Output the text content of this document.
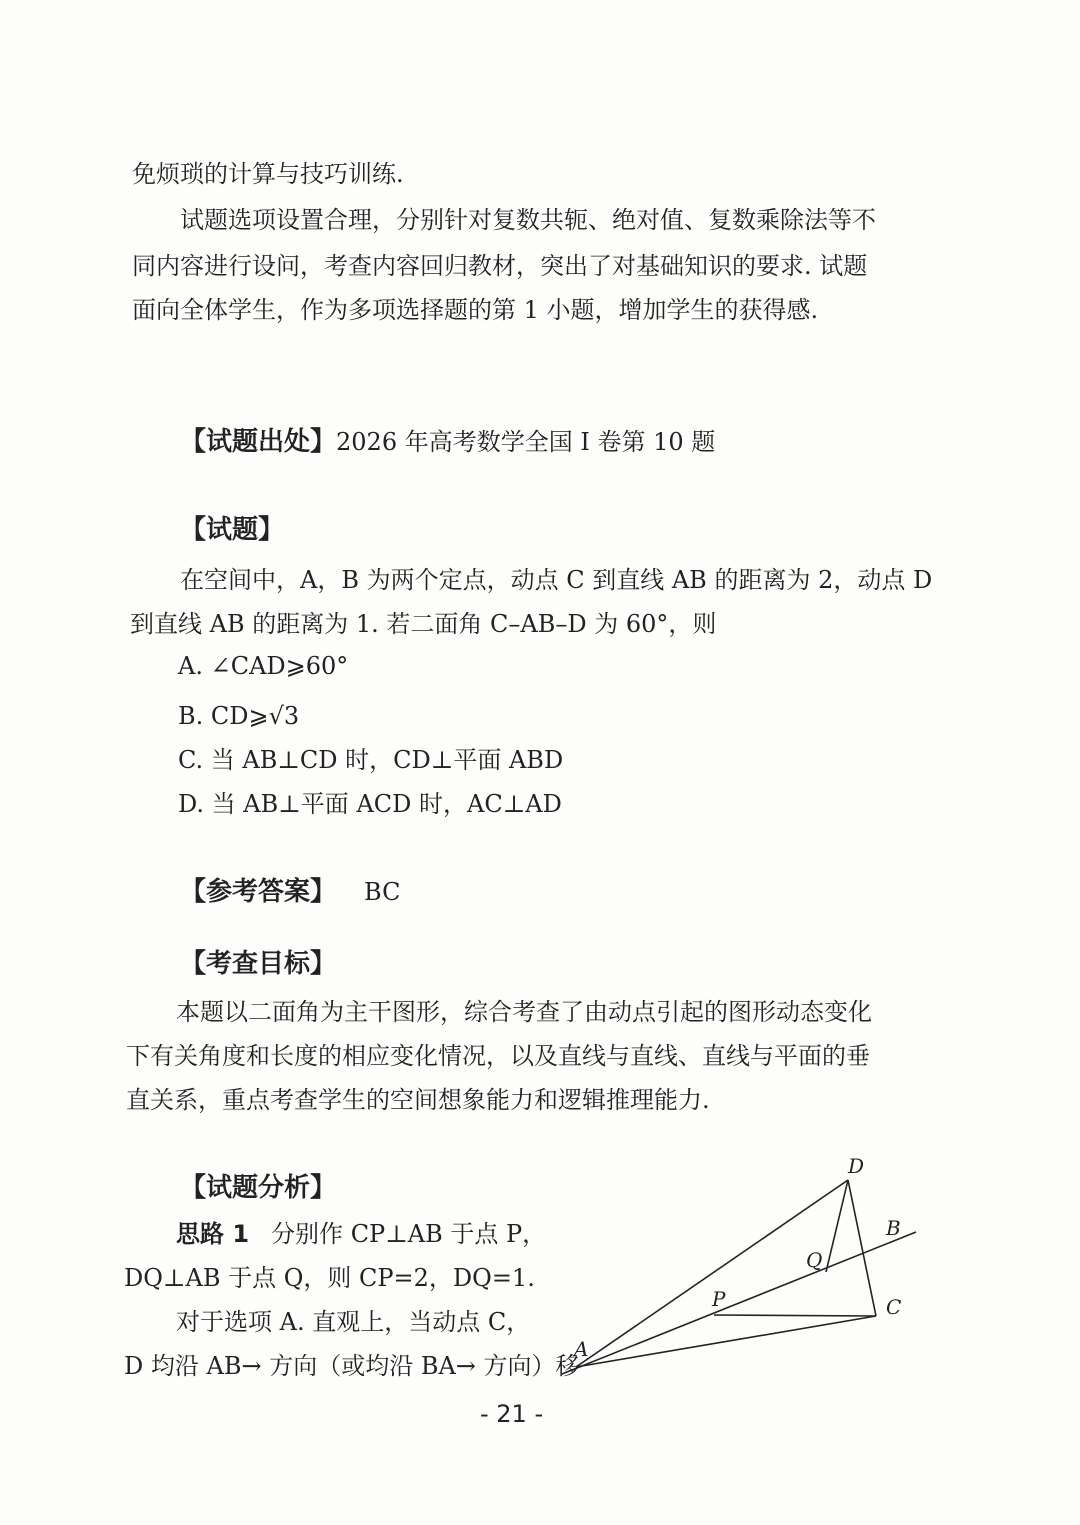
免烦琐的计算与技巧训练.
试题选项设置合理，分别针对复数共轭、绝对值、复数乘除法等不
同内容进行设问，考查内容回归教材，突出了对基础知识的要求. 试题
面向全体学生，作为多项选择题的第 1 小题，增加学生的获得感.
【试题出处】2026 年高考数学全国 I 卷第 10 题
【试题】
在空间中，A，B 为两个定点，动点 C 到直线 AB 的距离为 2，动点 D
到直线 AB 的距离为 1. 若二面角 C–AB–D 为 60°，则
A. ∠CAD⩾60°
B. CD⩾√3
C. 当 AB⊥CD 时，CD⊥平面 ABD
D. 当 AB⊥平面 ACD 时，AC⊥AD
【参考答案】 BC
【考查目标】
本题以二面角为主干图形，综合考查了由动点引起的图形动态变化
下有关角度和长度的相应变化情况，以及直线与直线、直线与平面的垂
直关系，重点考查学生的空间想象能力和逻辑推理能力.
【试题分析】
思路 1 分别作 CP⊥AB 于点 P，
DQ⊥AB 于点 Q，则 CP=2，DQ=1.
对于选项 A. 直观上，当动点 C，
D 均沿 AB→ 方向（或均沿 BA→ 方向）移
D
B
Q
P	C
A
- 21 -
